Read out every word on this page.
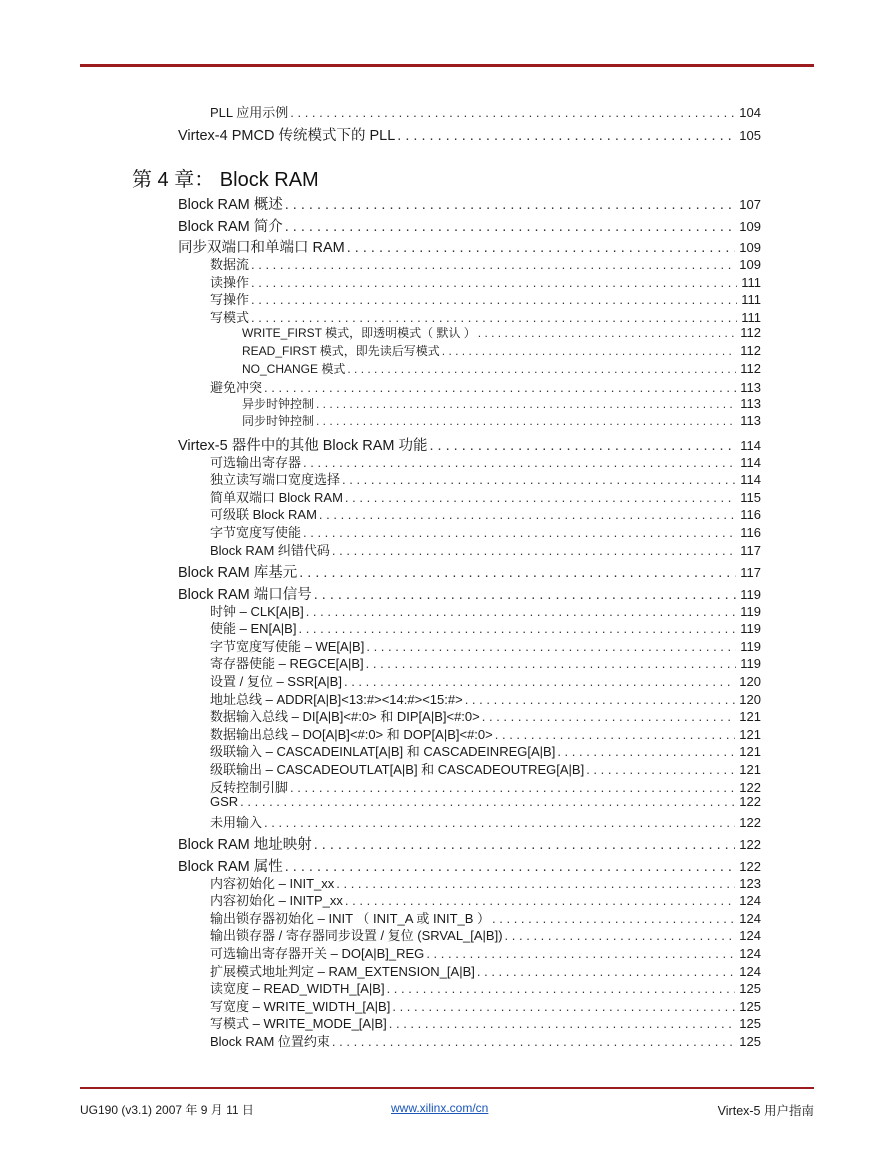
PLL 应用示例 . . .	104
Virtex-4 PMCD 传统模式下的 PLL . . .	105
Block RAM 概述 . . .	107
Block RAM 简介 . . .	109
同步双端口和单端口 RAM . . .	109
数据流 . . .	109
读操作 . . .	111
写操作 . . .	111
写模式 . . .	111
WRITE_FIRST 模式，即透明模式（ 默认 ） . . .	112
READ_FIRST 模式，即先读后写模式 . . .	112
NO_CHANGE 模式 . . .	112
避免冲突 . . .	113
异步时钟控制 . . .	113
同步时钟控制 . . .	113
Virtex-5 器件中的其他 Block RAM 功能 . . .	114
可选输出寄存器 . . .	114
独立读写端口宽度选择 . . .	114
简单双端口 Block RAM . . .	115
可级联 Block RAM . . .	116
字节宽度写使能 . . .	116
Block RAM 纠错代码 . . .	117
Block RAM 库基元 . . .	117
Block RAM 端口信号 . . .	119
时钟 – CLK[A|B] . . .	119
使能 – EN[A|B] . . .	119
字节宽度写使能 – WE[A|B] . . .	119
寄存器使能 – REGCE[A|B] . . .	119
设置 / 复位 – SSR[A|B] . . .	120
地址总线 – ADDR[A|B]<13:#><14:#><15:#> . . .	120
数据输入总线 – DI[A|B]<#:0> 和 DIP[A|B]<#:0> . . .	121
数据输出总线 – DO[A|B]<#:0> 和 DOP[A|B]<#:0> . . .	121
级联输入 – CASCADEINLAT[A|B] 和 CASCADEINREG[A|B] . . .	121
级联输出 – CASCADEOUTLAT[A|B] 和 CASCADEOUTREG[A|B] . . .	121
反转控制引脚 . . .	122
GSR . . .	122
未用输入 . . .	122
Block RAM 地址映射 . . .	122
Block RAM 属性 . . .	122
内容初始化 – INIT_xx . . .	123
内容初始化 – INITP_xx . . .	124
输出锁存器初始化 – INIT （ INIT_A 或 INIT_B ） . . .	124
输出锁存器 / 寄存器同步设置 / 复位 (SRVAL_[A|B]) . . .	124
可选输出寄存器开关 – DO[A|B]_REG . . .	124
扩展模式地址判定 – RAM_EXTENSION_[A|B] . . .	124
读宽度 – READ_WIDTH_[A|B] . . .	125
写宽度 – WRITE_WIDTH_[A|B] . . .	125
写模式 – WRITE_MODE_[A|B] . . .	125
Block RAM 位置约束 . . .	125
第 4 章： Block RAM
UG190 (v3.1) 2007 年 9 月 11 日	www.xilinx.com/cn	Virtex-5 用户指南
